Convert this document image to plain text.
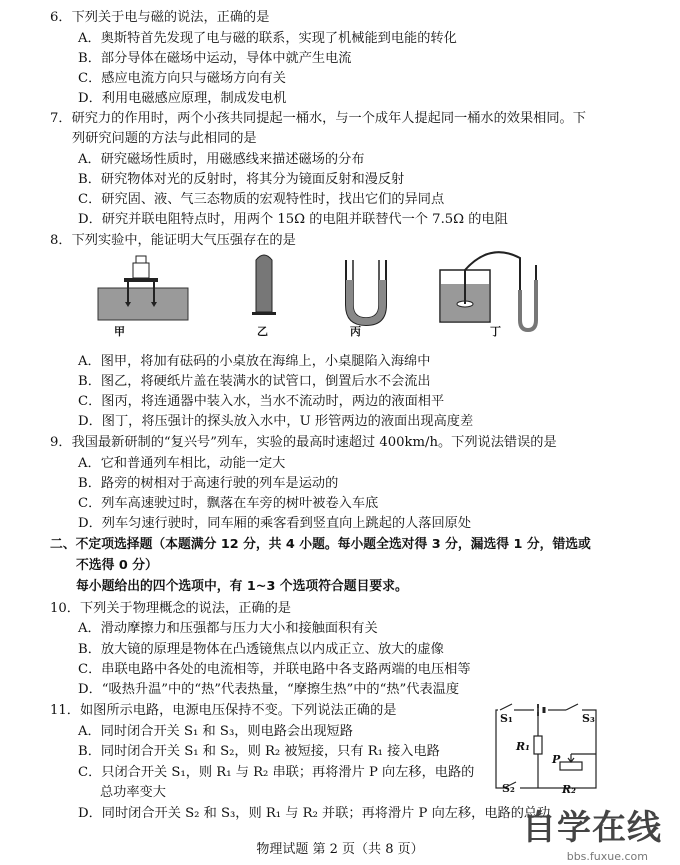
6．下列关于电与磁的说法，正确的是
A．奥斯特首先发现了电与磁的联系，实现了机械能到电能的转化
B．部分导体在磁场中运动，导体中就产生电流
C．感应电流方向只与磁场方向有关
D．利用电磁感应原理，制成发电机
7．研究力的作用时，两个小孩共同提起一桶水，与一个成年人提起同一桶水的效果相同。下
列研究问题的方法与此相同的是
A．研究磁场性质时，用磁感线来描述磁场的分布
B．研究物体对光的反射时，将其分为镜面反射和漫反射
C．研究固、液、气三态物质的宏观特性时，找出它们的异同点
D．研究并联电阻特点时，用两个 15Ω 的电阻并联替代一个 7.5Ω 的电阻
8．下列实验中，能证明大气压强存在的是
甲	乙	丙	丁
A．图甲，将加有砝码的小桌放在海绵上，小桌腿陷入海绵中
B．图乙，将硬纸片盖在装满水的试管口，倒置后水不会流出
C．图丙，将连通器中装入水，当水不流动时，两边的液面相平
D．图丁，将压强计的探头放入水中，U 形管两边的液面出现高度差
9．我国最新研制的“复兴号”列车，实验的最高时速超过 400km/h。下列说法错误的是
A．它和普通列车相比，动能一定大
B．路旁的树相对于高速行驶的列车是运动的
C．列车高速驶过时，飘落在车旁的树叶被卷入车底
D．列车匀速行驶时，同车厢的乘客看到竖直向上跳起的人落回原处
二、不定项选择题（本题满分 12 分，共 4 小题。每小题全选对得 3 分，漏选得 1 分，错选或
不选得 0 分）
每小题给出的四个选项中，有 1~3 个选项符合题目要求。
10．下列关于物理概念的说法，正确的是
A．滑动摩擦力和压强都与压力大小和接触面积有关
B．放大镜的原理是物体在凸透镜焦点以内成正立、放大的虚像
C．串联电路中各处的电流相等，并联电路中各支路两端的电压相等
D．“吸热升温”中的“热”代表热量，“摩擦生热”中的“热”代表温度
11．如图所示电路，电源电压保持不变。下列说法正确的是
A．同时闭合开关 S₁ 和 S₃，则电路会出现短路
B．同时闭合开关 S₁ 和 S₂，则 R₂ 被短接，只有 R₁ 接入电路
C．只闭合开关 S₁，则 R₁ 与 R₂ 串联；再将滑片 P 向左移，电路的
总功率变大
D．同时闭合开关 S₂ 和 S₃，则 R₁ 与 R₂ 并联；再将滑片 P 向左移，电路的总功
S₁	S₃
R₁
P
S₂	R₂
物理试题 第 2 页（共 8 页）
自学在线
bbs.fuxue.com
